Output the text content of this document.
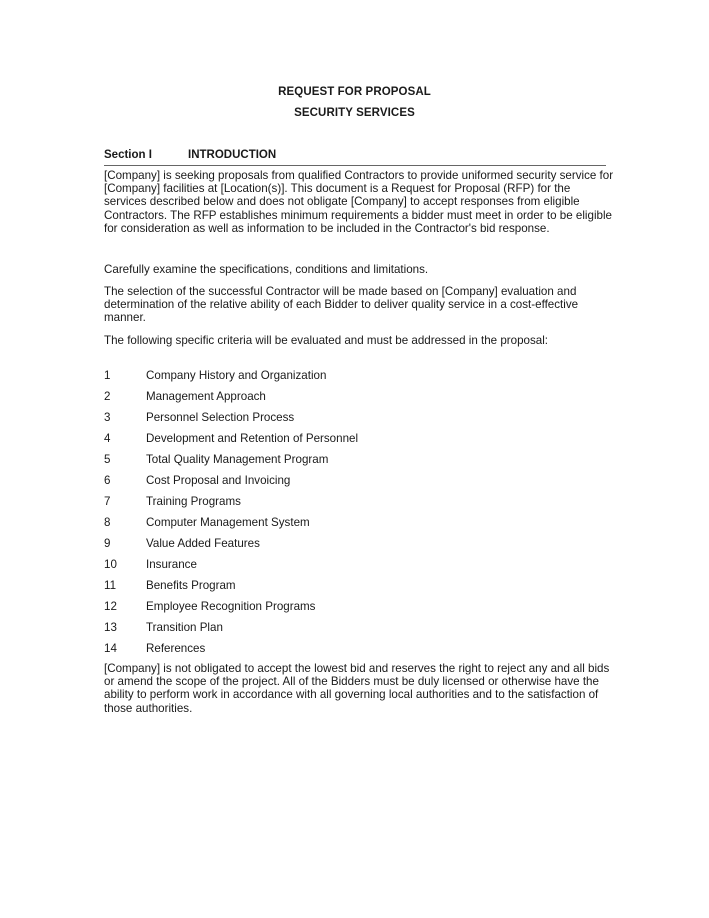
REQUEST FOR PROPOSAL
SECURITY SERVICES
Section I	INTRODUCTION
[Company] is seeking proposals from qualified Contractors to provide uniformed security service for [Company] facilities at [Location(s)]. This document is a Request for Proposal (RFP) for the services described below and does not obligate [Company] to accept responses from eligible Contractors. The RFP establishes minimum requirements a bidder must meet in order to be eligible for consideration as well as information to be included in the Contractor's bid response.
Carefully examine the specifications, conditions and limitations.
The selection of the successful Contractor will be made based on [Company] evaluation and determination of the relative ability of each Bidder to deliver quality service in a cost-effective manner.
The following specific criteria will be evaluated and must be addressed in the proposal:
1	Company History and Organization
2	Management Approach
3	Personnel Selection Process
4	Development and Retention of Personnel
5	Total Quality Management Program
6	Cost Proposal and Invoicing
7	Training Programs
8	Computer Management System
9	Value Added Features
10	Insurance
11	Benefits Program
12	Employee Recognition Programs
13	Transition Plan
14	References
[Company] is not obligated to accept the lowest bid and reserves the right to reject any and all bids or amend the scope of the project. All of the Bidders must be duly licensed or otherwise have the ability to perform work in accordance with all governing local authorities and to the satisfaction of those authorities.
